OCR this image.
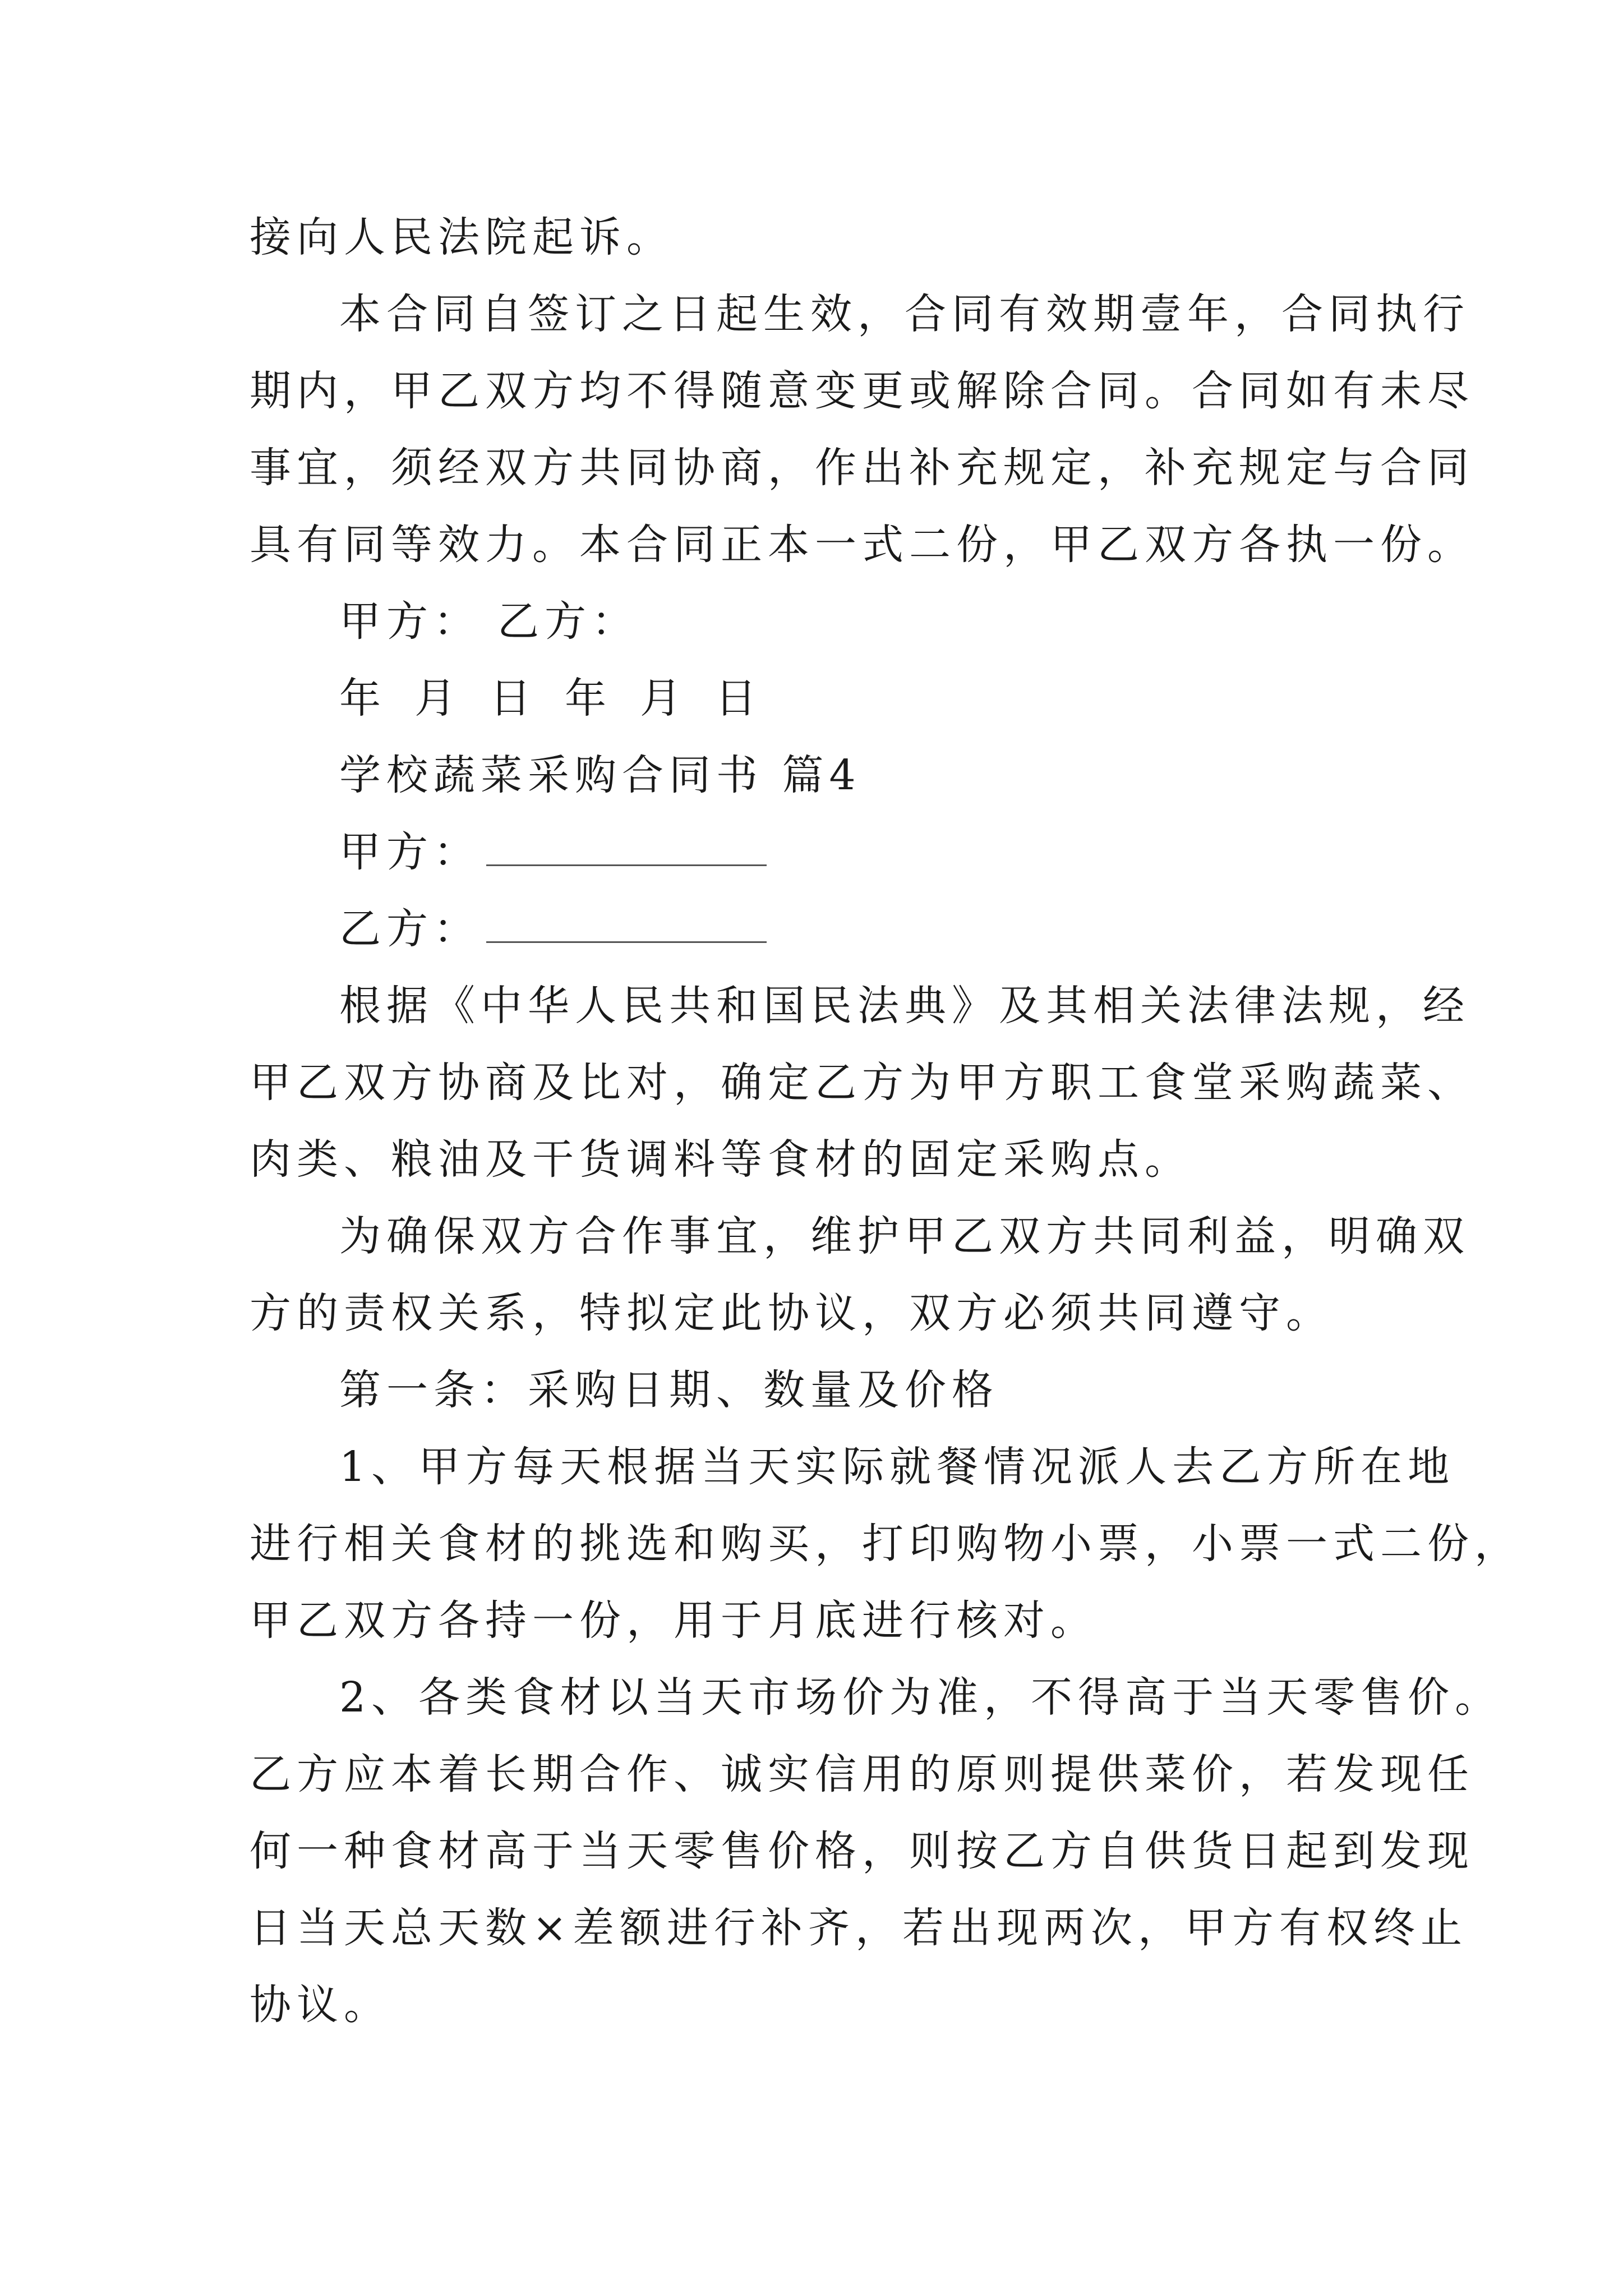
接向人民法院起诉。
本合同自签订之日起生效，合同有效期壹年，合同执行
期内，甲乙双方均不得随意变更或解除合同。合同如有未尽
事宜，须经双方共同协商，作出补充规定，补充规定与合同
具有同等效力。本合同正本一式二份，甲乙双方各执一份。
甲方： 乙方：
年 月 日 年 月 日
学校蔬菜采购合同书 篇4
甲方：
乙方：
根据《中华人民共和国民法典》及其相关法律法规，经
甲乙双方协商及比对，确定乙方为甲方职工食堂采购蔬菜、
肉类、粮油及干货调料等食材的固定采购点。
为确保双方合作事宜，维护甲乙双方共同利益，明确双
方的责权关系，特拟定此协议，双方必须共同遵守。
第一条：采购日期、数量及价格
1、甲方每天根据当天实际就餐情况派人去乙方所在地
进行相关食材的挑选和购买，打印购物小票，小票一式二份，
甲乙双方各持一份，用于月底进行核对。
2、各类食材以当天市场价为准，不得高于当天零售价。
乙方应本着长期合作、诚实信用的原则提供菜价，若发现任
何一种食材高于当天零售价格，则按乙方自供货日起到发现
日当天总天数×差额进行补齐，若出现两次，甲方有权终止
协议。
